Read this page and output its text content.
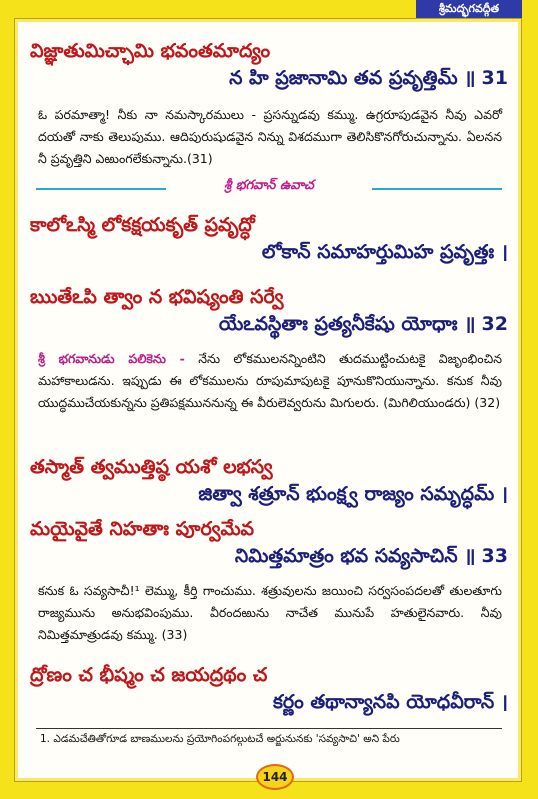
శ్రీమద్భగవద్గీత
విజ్ఞాతుమిచ్ఛామి భవంతమాద్యం
న హి ప్రజానామి తవ ప్రవృత్తిమ్ ॥ 31
ఓ పరమాత్మా! నీకు నా నమస్కారములు - ప్రసన్నుడవు కమ్ము. ఉగ్రరూపుడవైన నీవు ఎవరో దయతో నాకు తెలుపుము. ఆదిపురుషుడవైన నిన్ను విశదముగా తెలిసికొనగోరుచున్నాను. ఏలనన నీ ప్రవృత్తిని ఎఱుంగలేకున్నాను.(31)
శ్రీ భగవాన్ ఉవాచ
కాలోఽస్మి లోకక్షయకృత్ ప్రవృద్ధో
లోకాన్ సమాహర్తుమిహ ప్రవృత్తః ।
ఋతేఽపి త్వాం న భవిష్యంతి సర్వే
యేఽవస్థితాః ప్రత్యనీకేషు యోధాః ॥ 32
శ్రీ భగవానుడు పలికెను - నేను లోకములనన్నింటిని తుదముట్టించుటకై విజృంభించిన మహాకాలుడను. ఇప్పుడు ఈ లోకములను రూపుమాపుటకై పూనుకొనియున్నాను. కనుక నీవు యుద్ధముచేయకున్నను ప్రతిపక్షముననున్న ఈ వీరులెవ్వరును మిగులరు. (మిగిలియుండరు) (32)
తస్మాత్ త్వముత్తిష్ఠ యశో లభస్వ
జిత్వా శత్రూన్ భుంక్ష్వ రాజ్యం సమృద్ధమ్ ।
మయైవైతే నిహతాః పూర్వమేవ
నిమిత్తమాత్రం భవ సవ్యసాచిన్ ॥ 33
కనుక ఓ సవ్యసాచీ!¹ లెమ్ము, కీర్తి గాంచుము. శత్రువులను జయించి సర్వసంపదలతో తులతూగు రాజ్యమును అనుభవింపుము. వీరందఱును నాచేత మునుపే హతులైనవారు. నీవు నిమిత్తమాత్రుడవు కమ్ము. (33)
ద్రోణం చ భీష్మం చ జయద్రథం చ
కర్ణం తథాన్యానపి యోధవీరాన్ ।
1. ఎడమచేతితోగూడ బాణములను ప్రయోగింపగల్గుటచే అర్జునునకు 'సవ్యసాచి' అని పేరు
144
